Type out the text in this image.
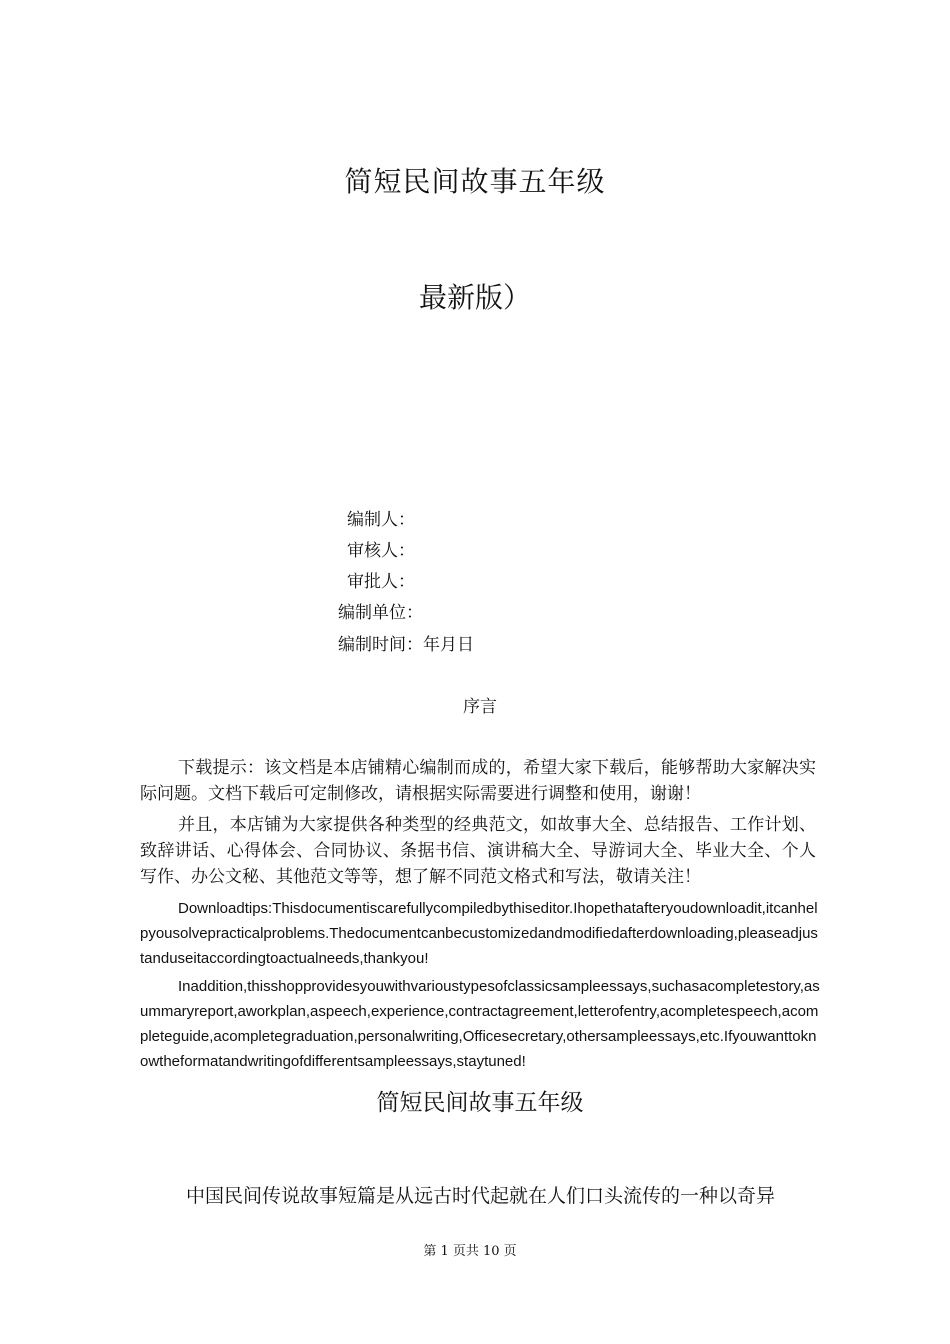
简短民间故事五年级
最新版）
编制人：
审核人：
审批人：
编制单位：
编制时间：年月日
序言
下载提示：该文档是本店铺精心编制而成的，希望大家下载后，能够帮助大家解决实际问题。文档下载后可定制修改，请根据实际需要进行调整和使用，谢谢！
并且，本店铺为大家提供各种类型的经典范文，如故事大全、总结报告、工作计划、致辞讲话、心得体会、合同协议、条据书信、演讲稿大全、导游词大全、毕业大全、个人写作、办公文秘、其他范文等等，想了解不同范文格式和写法，敬请关注！
Downloadtips:Thisdocumentiscarefullycompiledbythiseditor.Ihopethatafteryoudownloadit,itcanhelpyousolvepracticalproblems.Thedocumentcanbecustomizedandmodifiedafterdownloading,pleaseadjustanduseitaccordingtoactualneeds,thankyou!
Inaddition,thisshopprovidesyouwithvarioustypesofclassicsampleessays,suchasacompletestory,asummaryreport,aworkplan,aspeech,experience,contractagreement,letterofentry,acompletespeech,acompleteguide,acompletegraduation,personalwriting,Officesecretary,othersampleessays,etc.Ifyouwanttoknowtheformatandwritingofdifferentsampleessays,staytuned!
简短民间故事五年级
中国民间传说故事短篇是从远古时代起就在人们口头流传的一种以奇异
第 1 页共 10 页
